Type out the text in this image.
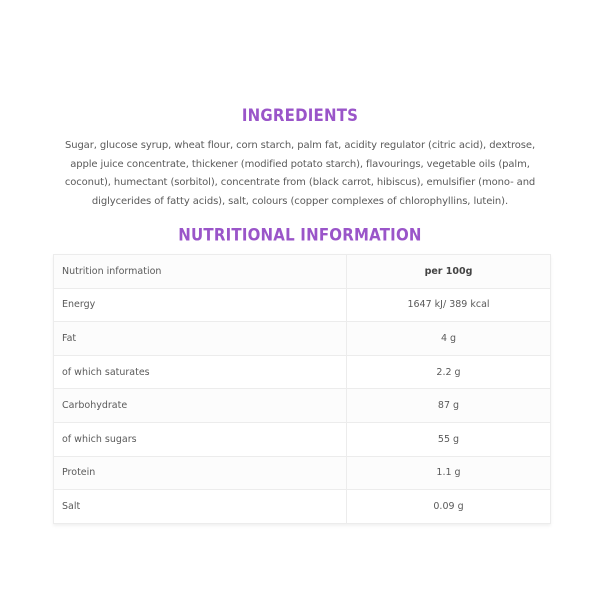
INGREDIENTS
Sugar, glucose syrup, wheat flour, corn starch, palm fat, acidity regulator (citric acid), dextrose, apple juice concentrate, thickener (modified potato starch), flavourings, vegetable oils (palm, coconut), humectant (sorbitol), concentrate from (black carrot, hibiscus), emulsifier (mono- and diglycerides of fatty acids), salt, colours (copper complexes of chlorophyllins, lutein).
NUTRITIONAL INFORMATION
Nutrition information	per 100g
Energy	1647 kJ/ 389 kcal
Fat	4 g
of which saturates	2.2 g
Carbohydrate	87 g
of which sugars	55 g
Protein	1.1 g
Salt	0.09 g
